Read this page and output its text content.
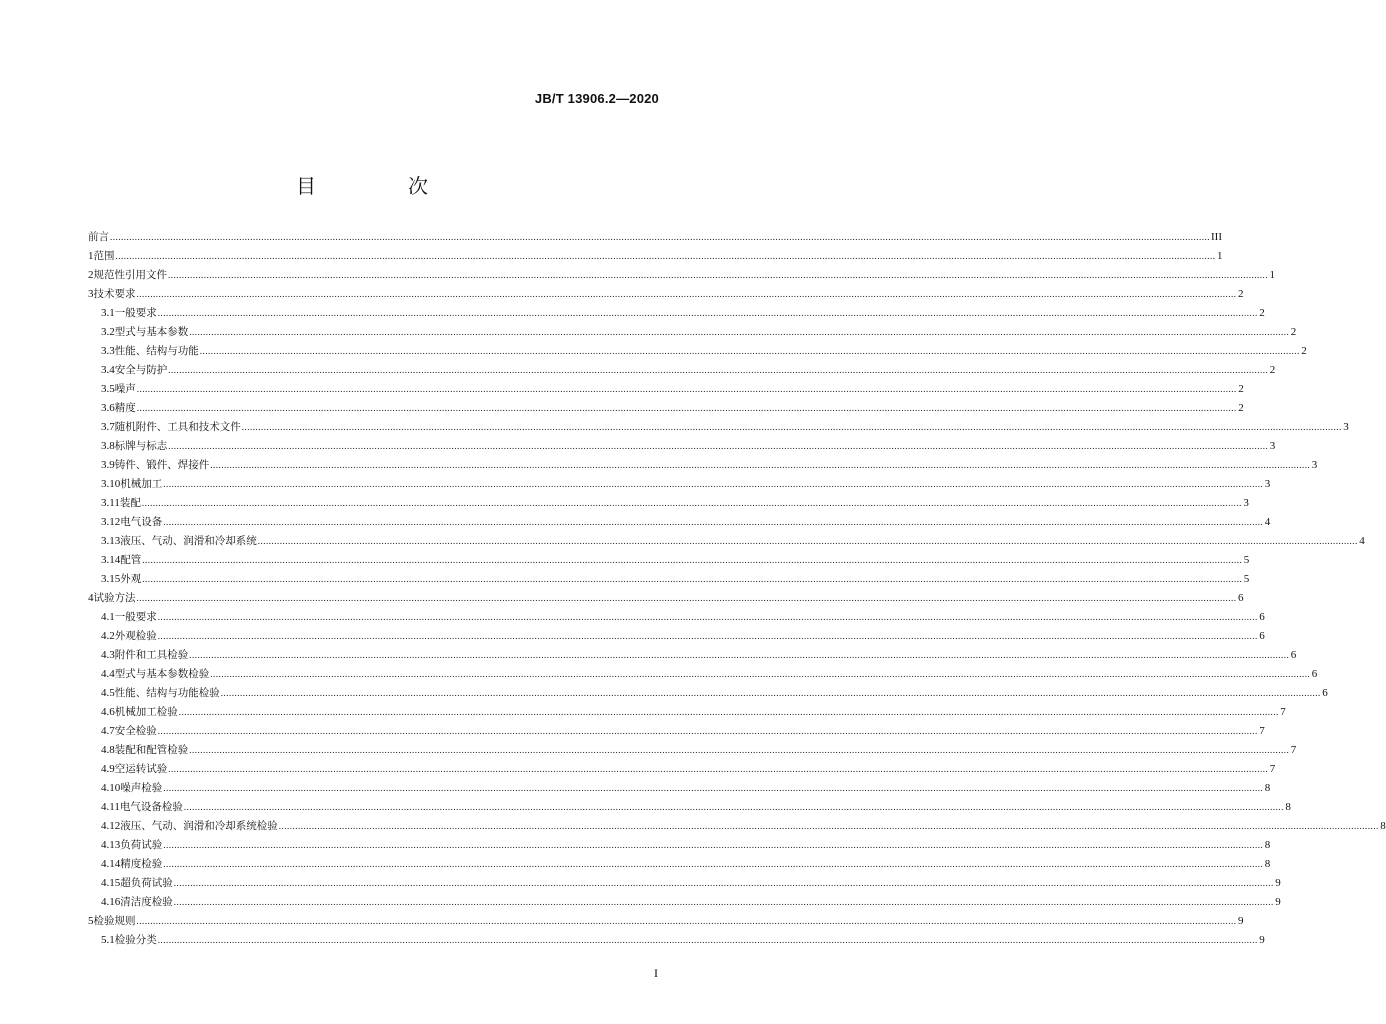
JB/T 13906.2—2020
目　次
前言 ................................................................................................................................................................................................................................................................................................................................................................................................................ III
1 范围 ................................................................................................................................................................................................................................................................................................................................................................................................................ 1
2 规范性引用文件 ................................................................................................................................................................................................................................................................................................................................................................................................................ 1
3 技术要求 ................................................................................................................................................................................................................................................................................................................................................................................................................ 2
3.1 一般要求 ................................................................................................................................................................................................................................................................................................................................................................................................................ 2
3.2 型式与基本参数 ................................................................................................................................................................................................................................................................................................................................................................................................................ 2
3.3 性能、结构与功能 ................................................................................................................................................................................................................................................................................................................................................................................................................ 2
3.4 安全与防护 ................................................................................................................................................................................................................................................................................................................................................................................................................ 2
3.5 噪声 ................................................................................................................................................................................................................................................................................................................................................................................................................ 2
3.6 精度 ................................................................................................................................................................................................................................................................................................................................................................................................................ 2
3.7 随机附件、工具和技术文件 ................................................................................................................................................................................................................................................................................................................................................................................................................ 3
3.8 标牌与标志 ................................................................................................................................................................................................................................................................................................................................................................................................................ 3
3.9 铸件、锻件、焊接件 ................................................................................................................................................................................................................................................................................................................................................................................................................ 3
3.10 机械加工 ................................................................................................................................................................................................................................................................................................................................................................................................................ 3
3.11 装配 ................................................................................................................................................................................................................................................................................................................................................................................................................ 3
3.12 电气设备 ................................................................................................................................................................................................................................................................................................................................................................................................................ 4
3.13 液压、气动、润滑和冷却系统 ................................................................................................................................................................................................................................................................................................................................................................................................................ 4
3.14 配管 ................................................................................................................................................................................................................................................................................................................................................................................................................ 5
3.15 外观 ................................................................................................................................................................................................................................................................................................................................................................................................................ 5
4 试验方法 ................................................................................................................................................................................................................................................................................................................................................................................................................ 6
4.1 一般要求 ................................................................................................................................................................................................................................................................................................................................................................................................................ 6
4.2 外观检验 ................................................................................................................................................................................................................................................................................................................................................................................................................ 6
4.3 附件和工具检验 ................................................................................................................................................................................................................................................................................................................................................................................................................ 6
4.4 型式与基本参数检验 ................................................................................................................................................................................................................................................................................................................................................................................................................ 6
4.5 性能、结构与功能检验 ................................................................................................................................................................................................................................................................................................................................................................................................................ 6
4.6 机械加工检验 ................................................................................................................................................................................................................................................................................................................................................................................................................ 7
4.7 安全检验 ................................................................................................................................................................................................................................................................................................................................................................................................................ 7
4.8 装配和配管检验 ................................................................................................................................................................................................................................................................................................................................................................................................................ 7
4.9 空运转试验 ................................................................................................................................................................................................................................................................................................................................................................................................................ 7
4.10 噪声检验 ................................................................................................................................................................................................................................................................................................................................................................................................................ 8
4.11 电气设备检验 ................................................................................................................................................................................................................................................................................................................................................................................................................ 8
4.12 液压、气动、润滑和冷却系统检验 ................................................................................................................................................................................................................................................................................................................................................................................................................ 8
4.13 负荷试验 ................................................................................................................................................................................................................................................................................................................................................................................................................ 8
4.14 精度检验 ................................................................................................................................................................................................................................................................................................................................................................................................................ 8
4.15 超负荷试验 ................................................................................................................................................................................................................................................................................................................................................................................................................ 9
4.16 清洁度检验 ................................................................................................................................................................................................................................................................................................................................................................................................................ 9
5 检验规则 ................................................................................................................................................................................................................................................................................................................................................................................................................ 9
5.1 检验分类 ................................................................................................................................................................................................................................................................................................................................................................................................................ 9
I
